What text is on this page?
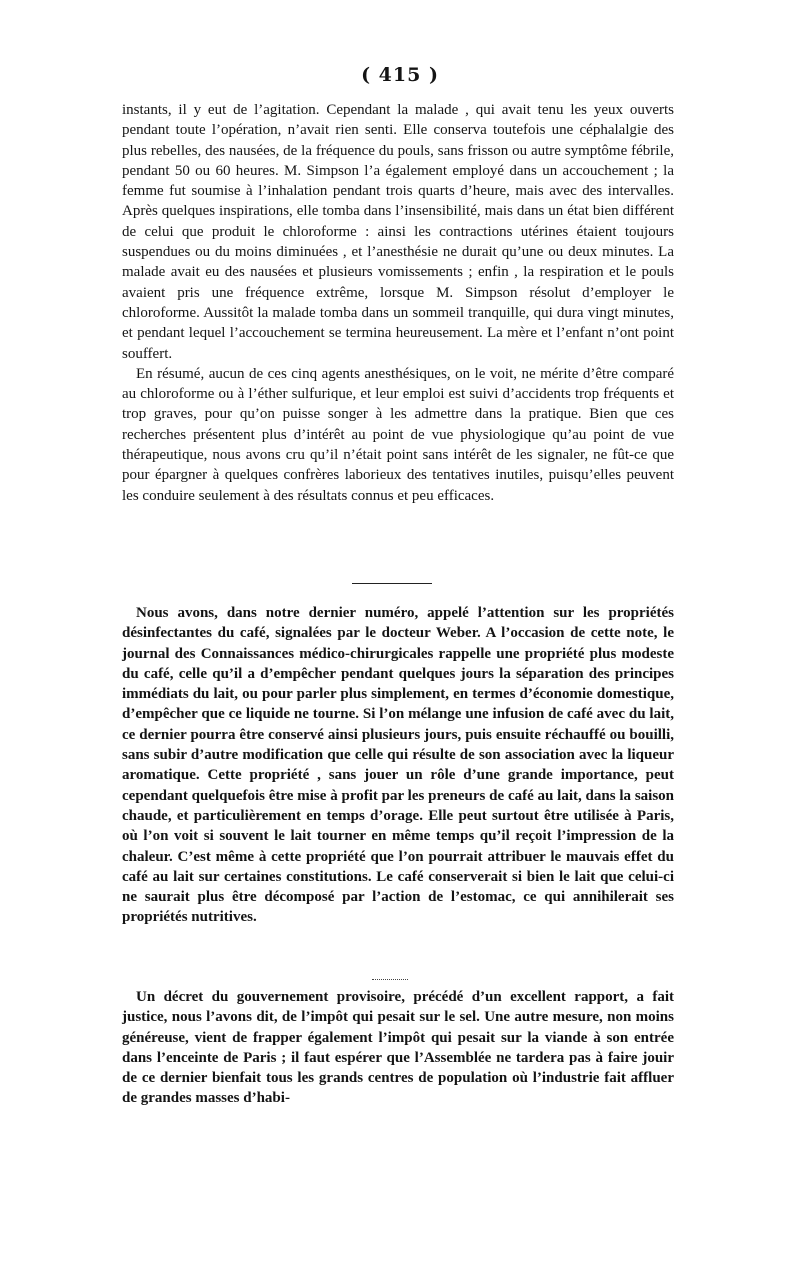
( 415 )

instants, il y eut de l’agitation. Cependant la malade , qui avait tenu les yeux ouverts pendant toute l’opération, n’avait rien senti. Elle conserva toutefois une céphalalgie des plus rebelles, des nausées, de la fréquence du pouls, sans frisson ou autre symptôme fébrile, pendant 50 ou 60 heures. M. Simpson l’a également employé dans un accouchement ; la femme fut soumise à l’inhalation pendant trois quarts d’heure, mais avec des intervalles. Après quelques inspirations, elle tomba dans l’insensibilité, mais dans un état bien différent de celui que produit le chloroforme : ainsi les contractions utérines étaient toujours suspendues ou du moins diminuées , et l’anesthésie ne durait qu’une ou deux minutes. La malade avait eu des nausées et plusieurs vomissements ; enfin , la respiration et le pouls avaient pris une fréquence extrême, lorsque M. Simpson résolut d’employer le chloroforme. Aussitôt la malade tomba dans un sommeil tranquille, qui dura vingt minutes, et pendant lequel l’accouchement se termina heureusement. La mère et l’enfant n’ont point souffert.

En résumé, aucun de ces cinq agents anesthésiques, on le voit, ne mérite d’être comparé au chloroforme ou à l’éther sulfurique, et leur emploi est suivi d’accidents trop fréquents et trop graves, pour qu’on puisse songer à les admettre dans la pratique. Bien que ces recherches présentent plus d’intérêt au point de vue physiologique qu’au point de vue thérapeutique, nous avons cru qu’il n’était point sans intérêt de les signaler, ne fût-ce que pour épargner à quelques confrères laborieux des tentatives inutiles, puisqu’elles peuvent les conduire seulement à des résultats connus et peu efficaces.

Nous avons, dans notre dernier numéro, appelé l’attention sur les propriétés désinfectantes du café, signalées par le docteur Weber. A l’occasion de cette note, le journal des Connaissances médico-chirurgicales rappelle une propriété plus modeste du café, celle qu’il a d’empêcher pendant quelques jours la séparation des principes immédiats du lait, ou pour parler plus simplement, en termes d’économie domestique, d’empêcher que ce liquide ne tourne. Si l’on mélange une infusion de café avec du lait, ce dernier pourra être conservé ainsi plusieurs jours, puis ensuite réchauffé ou bouilli, sans subir d’autre modification que celle qui résulte de son association avec la liqueur aromatique. Cette propriété , sans jouer un rôle d’une grande importance, peut cependant quelquefois être mise à profit par les preneurs de café au lait, dans la saison chaude, et particulièrement en temps d’orage. Elle peut surtout être utilisée à Paris, où l’on voit si souvent le lait tourner en même temps qu’il reçoit l’impression de la chaleur. C’est même à cette propriété que l’on pourrait attribuer le mauvais effet du café au lait sur certaines constitutions. Le café conserverait si bien le lait que celui-ci ne saurait plus être décomposé par l’action de l’estomac, ce qui annihilerait ses propriétés nutritives.

Un décret du gouvernement provisoire, précédé d’un excellent rapport, a fait justice, nous l’avons dit, de l’impôt qui pesait sur le sel. Une autre mesure, non moins généreuse, vient de frapper également l’impôt qui pesait sur la viande à son entrée dans l’enceinte de Paris ; il faut espérer que l’Assemblée ne tardera pas à faire jouir de ce dernier bienfait tous les grands centres de population où l’industrie fait affluer de grandes masses d’habi-
